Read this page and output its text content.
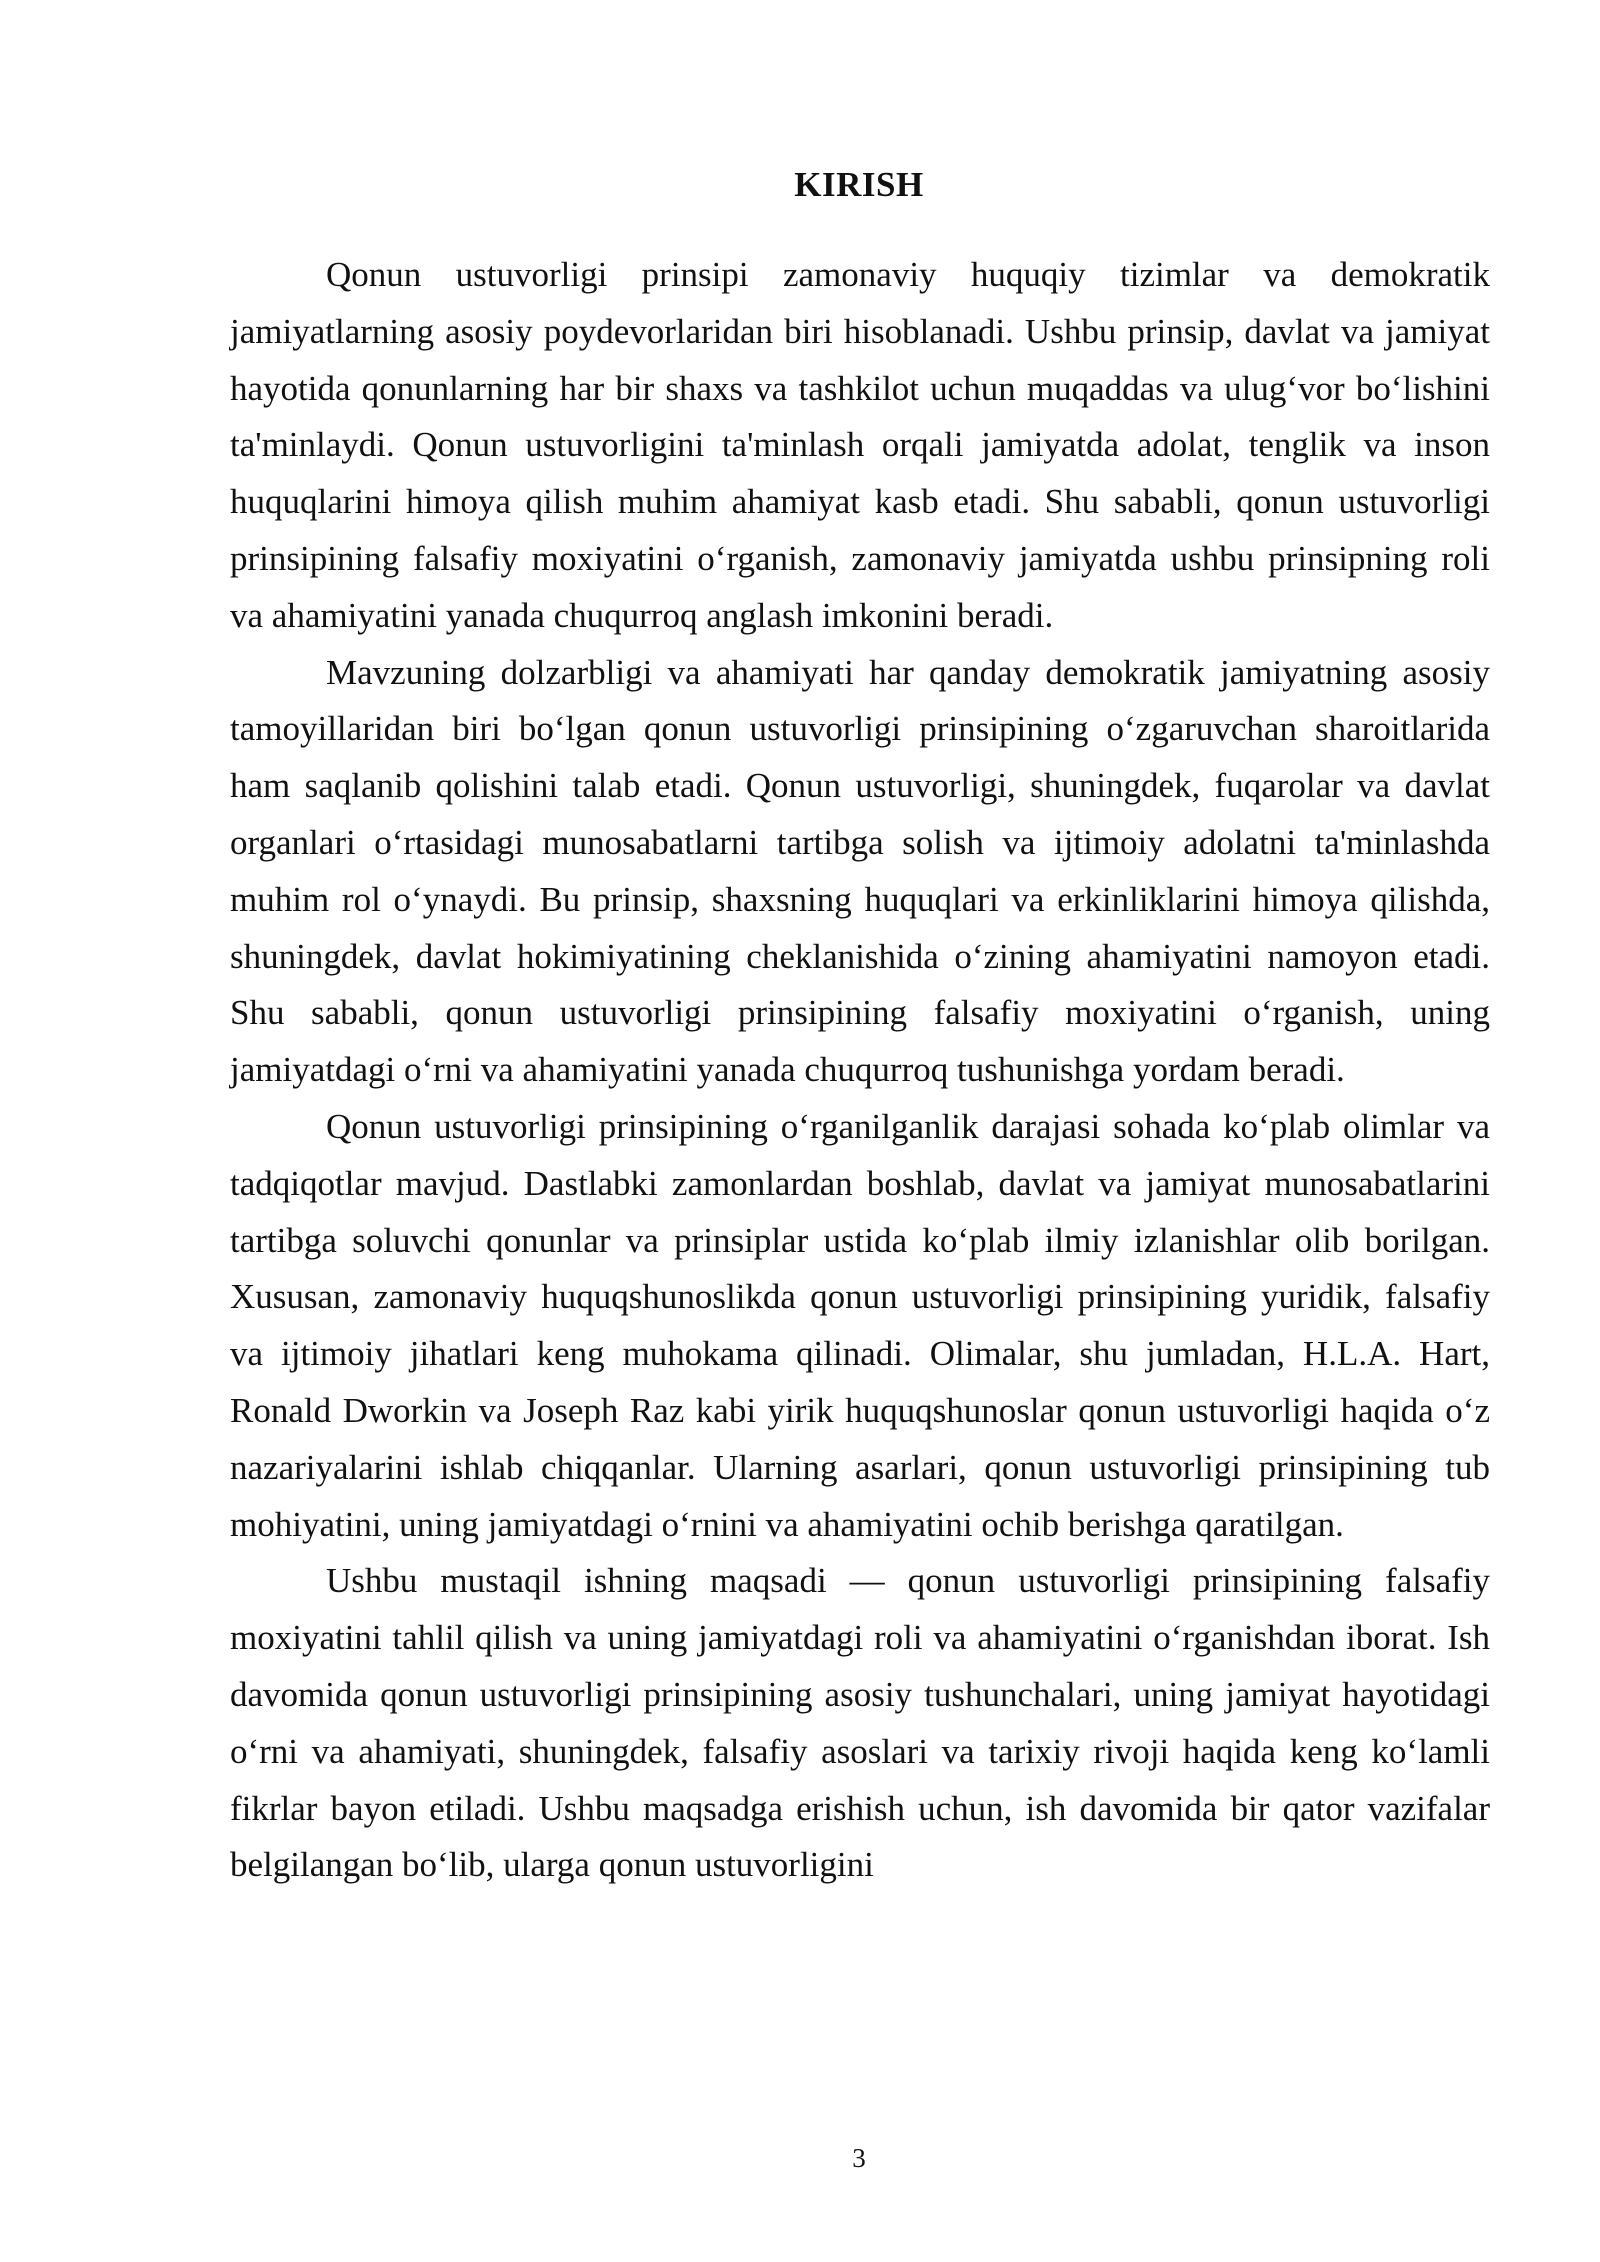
KIRISH

Qonun ustuvorligi prinsipi zamonaviy huquqiy tizimlar va demokratik jamiyatlarning asosiy poydevorlaridan biri hisoblanadi. Ushbu prinsip, davlat va jamiyat hayotida qonunlarning har bir shaxs va tashkilot uchun muqaddas va ulug‘vor bo‘lishini ta'minlaydi. Qonun ustuvorligini ta'minlash orqali jamiyatda adolat, tenglik va inson huquqlarini himoya qilish muhim ahamiyat kasb etadi. Shu sababli, qonun ustuvorligi prinsipining falsafiy moxiyatini o‘rganish, zamonaviy jamiyatda ushbu prinsipning roli va ahamiyatini yanada chuqurroq anglash imkonini beradi.

Mavzuning dolzarbligi va ahamiyati har qanday demokratik jamiyatning asosiy tamoyillaridan biri bo‘lgan qonun ustuvorligi prinsipining o‘zgaruvchan sharoitlarida ham saqlanib qolishini talab etadi. Qonun ustuvorligi, shuningdek, fuqarolar va davlat organlari o‘rtasidagi munosabatlarni tartibga solish va ijtimoiy adolatni ta'minlashda muhim rol o‘ynaydi. Bu prinsip, shaxsning huquqlari va erkinliklarini himoya qilishda, shuningdek, davlat hokimiyatining cheklanishida o‘zining ahamiyatini namoyon etadi. Shu sababli, qonun ustuvorligi prinsipining falsafiy moxiyatini o‘rganish, uning jamiyatdagi o‘rni va ahamiyatini yanada chuqurroq tushunishga yordam beradi.

Qonun ustuvorligi prinsipining o‘rganilganlik darajasi sohada ko‘plab olimlar va tadqiqotlar mavjud. Dastlabki zamonlardan boshlab, davlat va jamiyat munosabatlarini tartibga soluvchi qonunlar va prinsiplar ustida ko‘plab ilmiy izlanishlar olib borilgan. Xususan, zamonaviy huquqshunoslikda qonun ustuvorligi prinsipining yuridik, falsafiy va ijtimoiy jihatlari keng muhokama qilinadi. Olimalar, shu jumladan, H.L.A. Hart, Ronald Dworkin va Joseph Raz kabi yirik huquqshunoslar qonun ustuvorligi haqida o‘z nazariyalarini ishlab chiqqanlar. Ularning asarlari, qonun ustuvorligi prinsipining tub mohiyatini, uning jamiyatdagi o‘rnini va ahamiyatini ochib berishga qaratilgan.

Ushbu mustaqil ishning maqsadi — qonun ustuvorligi prinsipining falsafiy moxiyatini tahlil qilish va uning jamiyatdagi roli va ahamiyatini o‘rganishdan iborat. Ish davomida qonun ustuvorligi prinsipining asosiy tushunchalari, uning jamiyat hayotidagi o‘rni va ahamiyati, shuningdek, falsafiy asoslari va tarixiy rivoji haqida keng ko‘lamli fikrlar bayon etiladi. Ushbu maqsadga erishish uchun, ish davomida bir qator vazifalar belgilangan bo‘lib, ularga qonun ustuvorligini

3
